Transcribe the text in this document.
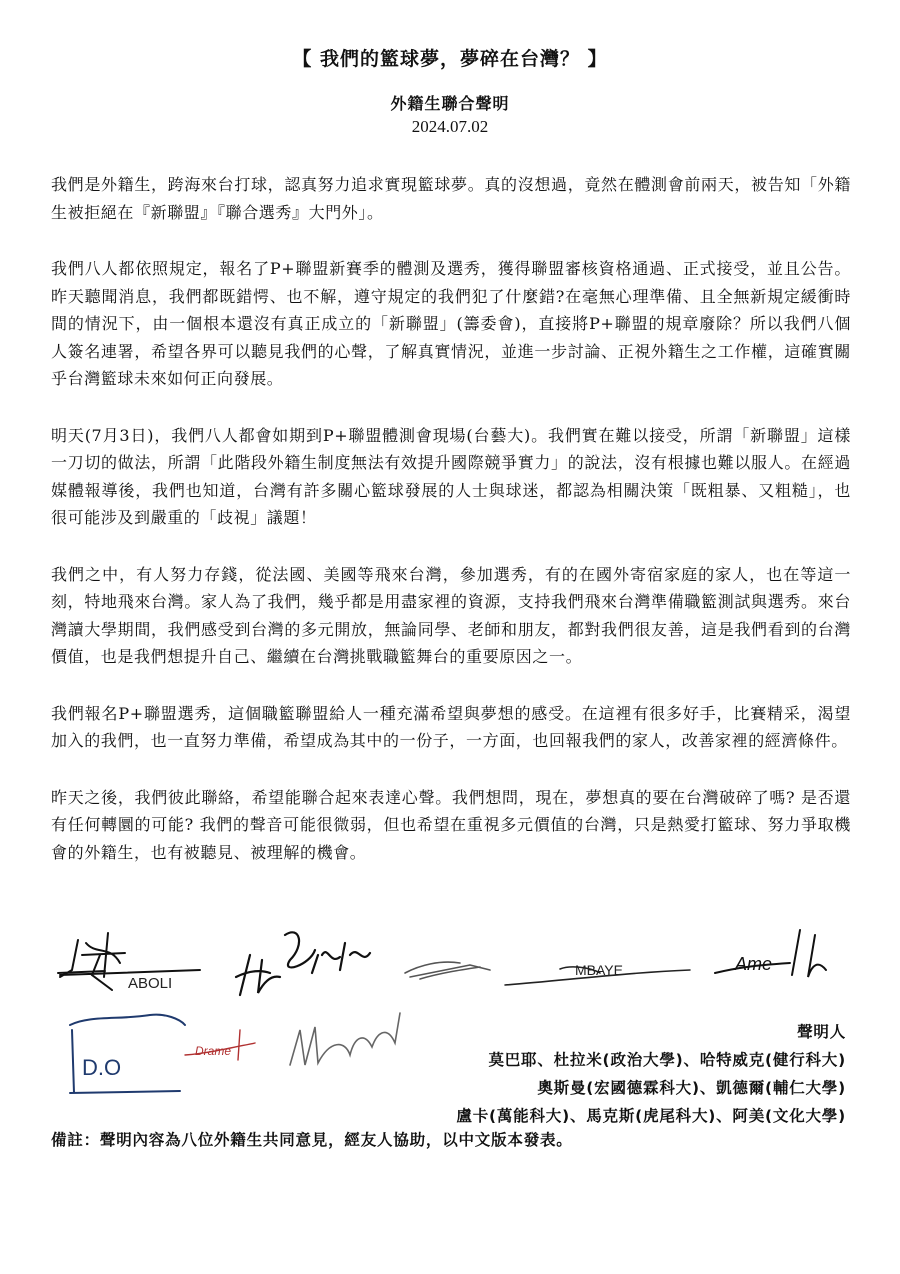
【 我們的籃球夢，夢碎在台灣？ 】
外籍生聯合聲明
2024.07.02

我們是外籍生，跨海來台打球，認真努力追求實現籃球夢。真的沒想過，竟然在體測會前兩天，被告知「外籍生被拒絕在『新聯盟』『聯合選秀』大門外」。

我們八人都依照規定，報名了P+聯盟新賽季的體測及選秀，獲得聯盟審核資格通過、正式接受，並且公告。昨天聽聞消息，我們都既錯愕、也不解，遵守規定的我們犯了什麼錯?在毫無心理準備、且全無新規定緩衝時間的情況下，由一個根本還沒有真正成立的「新聯盟」(籌委會)，直接將P+聯盟的規章廢除？所以我們八個人簽名連署，希望各界可以聽見我們的心聲，了解真實情況，並進一步討論、正視外籍生之工作權，這確實關乎台灣籃球未來如何正向發展。

明天(7月3日)，我們八人都會如期到P+聯盟體測會現場(台藝大)。我們實在難以接受，所謂「新聯盟」這樣一刀切的做法，所謂「此階段外籍生制度無法有效提升國際競爭實力」的說法，沒有根據也難以服人。在經過媒體報導後，我們也知道，台灣有許多關心籃球發展的人士與球迷，都認為相關決策「既粗暴、又粗糙」，也很可能涉及到嚴重的「歧視」議題！

我們之中，有人努力存錢，從法國、美國等飛來台灣，參加選秀，有的在國外寄宿家庭的家人，也在等這一刻，特地飛來台灣。家人為了我們，幾乎都是用盡家裡的資源，支持我們飛來台灣準備職籃測試與選秀。來台灣讀大學期間，我們感受到台灣的多元開放，無論同學、老師和朋友，都對我們很友善，這是我們看到的台灣價值，也是我們想提升自己、繼續在台灣挑戰職籃舞台的重要原因之一。

我們報名P+聯盟選秀，這個職籃聯盟給人一種充滿希望與夢想的感受。在這裡有很多好手，比賽精采，渴望加入的我們，也一直努力準備，希望成為其中的一份子，一方面，也回報我們的家人，改善家裡的經濟條件。

昨天之後，我們彼此聯絡，希望能聯合起來表達心聲。我們想問，現在，夢想真的要在台灣破碎了嗎? 是否還有任何轉圜的可能? 我們的聲音可能很微弱，但也希望在重視多元價值的台灣，只是熱愛打籃球、努力爭取機會的外籍生，也有被聽見、被理解的機會。

ABOLI
MBAYE	Ame
D.O
Drame
聲明人
莫巴耶、杜拉米(政治大學)、哈特威克(健行科大)
奧斯曼(宏國德霖科大)、凱德爾(輔仁大學)
盧卡(萬能科大)、馬克斯(虎尾科大)、阿美(文化大學)
備註：聲明內容為八位外籍生共同意見，經友人協助，以中文版本發表。
